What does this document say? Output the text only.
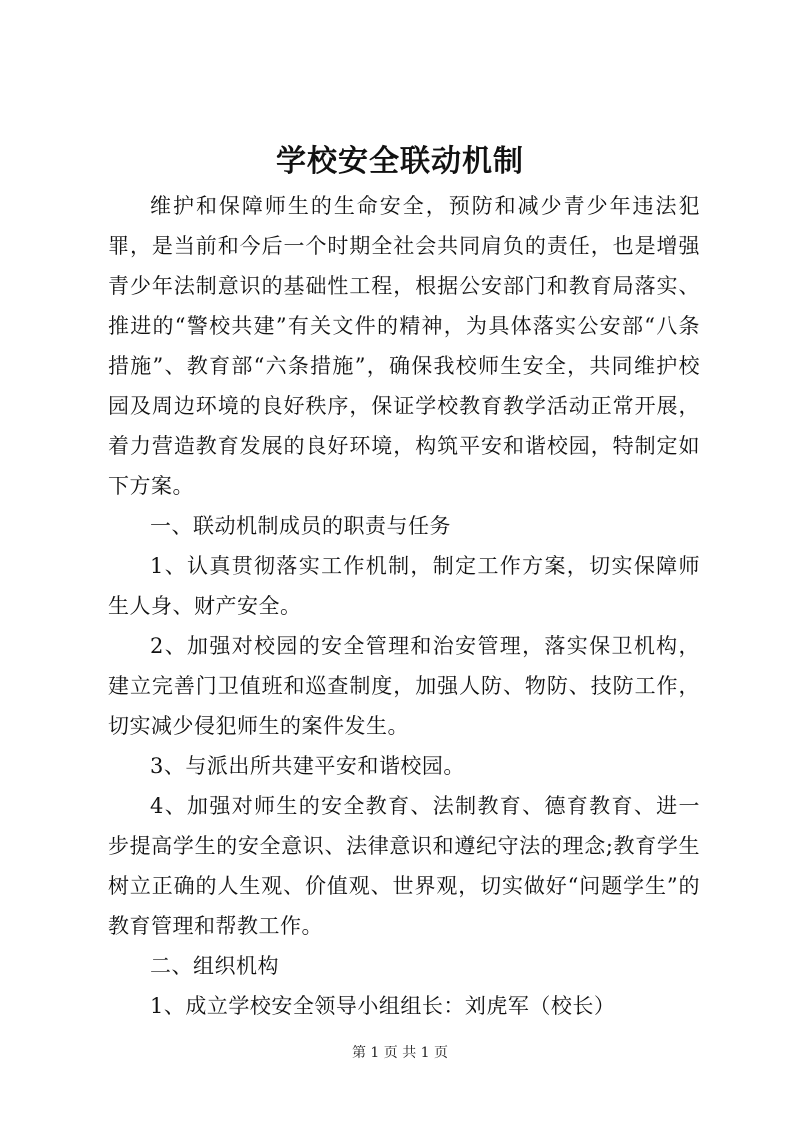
学校安全联动机制

维护和保障师生的生命安全，预防和减少青少年违法犯罪，是当前和今后一个时期全社会共同肩负的责任，也是增强青少年法制意识的基础性工程，根据公安部门和教育局落实、推进的“警校共建”有关文件的精神，为具体落实公安部“八条措施”、教育部“六条措施”，确保我校师生安全，共同维护校园及周边环境的良好秩序，保证学校教育教学活动正常开展，着力营造教育发展的良好环境，构筑平安和谐校园，特制定如下方案。

一、联动机制成员的职责与任务

1、认真贯彻落实工作机制，制定工作方案，切实保障师生人身、财产安全。

2、加强对校园的安全管理和治安管理，落实保卫机构，建立完善门卫值班和巡查制度，加强人防、物防、技防工作，切实减少侵犯师生的案件发生。

3、与派出所共建平安和谐校园。

4、加强对师生的安全教育、法制教育、德育教育、进一步提高学生的安全意识、法律意识和遵纪守法的理念;教育学生树立正确的人生观、价值观、世界观，切实做好“问题学生”的教育管理和帮教工作。

二、组织机构

1、成立学校安全领导小组组长：刘虎军（校长）

第 1 页 共 1 页
